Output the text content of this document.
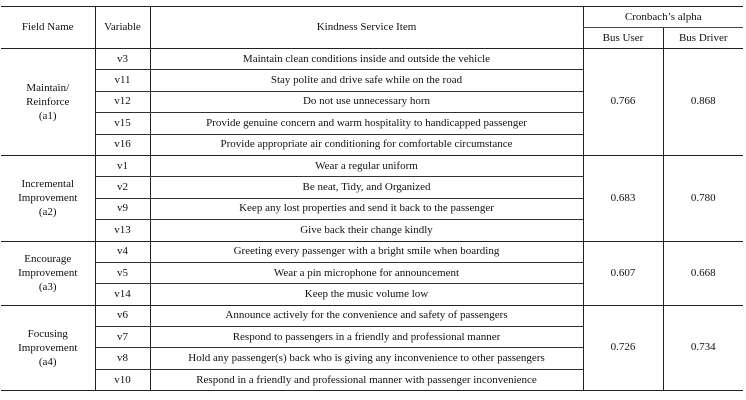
Field Name	Variable	Kindness Service Item	Cronbach’s alpha	
			Bus User	Bus Driver

Maintain/
Reinforce
(a1)	v3	Maintain clean conditions inside and outside the vehicle	0.766	0.868
	v11	Stay polite and drive safe while on the road		
	v12	Do not use unnecessary horn		
	v15	Provide genuine concern and warm hospitality to handicapped passenger		
	v16	Provide appropriate air conditioning for comfortable circumstance		

Incremental
Improvement
(a2)	v1	Wear a regular uniform	0.683	0.780
	v2	Be neat, Tidy, and Organized		
	v9	Keep any lost properties and send it back to the passenger		
	v13	Give back their change kindly		

Encourage
Improvement
(a3)	v4	Greeting every passenger with a bright smile when boarding	0.607	0.668
	v5	Wear a pin microphone for announcement		
	v14	Keep the music volume low		

Focusing
Improvement
(a4)	v6	Announce actively for the convenience and safety of passengers	0.726	0.734
	v7	Respond to passengers in a friendly and professional manner		
	v8	Hold any passenger(s) back who is giving any inconvenience to other passengers		
	v10	Respond in a friendly and professional manner with passenger inconvenience		
